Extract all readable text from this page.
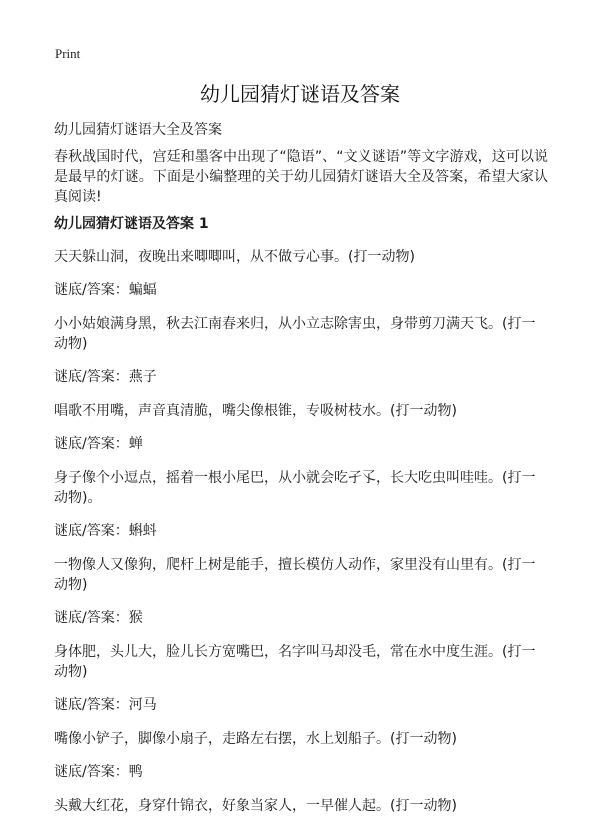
Print
幼儿园猜灯谜语及答案

幼儿园猜灯谜语大全及答案

春秋战国时代，宫廷和墨客中出现了“隐语”、“文义谜语”等文字游戏，这可以说是最早的灯谜。下面是小编整理的关于幼儿园猜灯谜语大全及答案，希望大家认真阅读!

幼儿园猜灯谜语及答案 1

天天躲山洞，夜晚出来唧唧叫，从不做亏心事。(打一动物)

谜底/答案：蝙蝠

小小姑娘满身黑，秋去江南春来归，从小立志除害虫，身带剪刀满天飞。(打一动物)

谜底/答案：燕子

唱歌不用嘴，声音真清脆，嘴尖像根锥，专吸树枝水。(打一动物)

谜底/答案：蝉

身子像个小逗点，摇着一根小尾巴，从小就会吃孑孓，长大吃虫叫哇哇。(打一动物)。

谜底/答案：蝌蚪

一物像人又像狗，爬杆上树是能手，擅长模仿人动作，家里没有山里有。(打一动物)

谜底/答案：猴

身体肥，头儿大，脸儿长方宽嘴巴，名字叫马却没毛，常在水中度生涯。(打一动物)

谜底/答案：河马

嘴像小铲子，脚像小扇子，走路左右摆，水上划船子。(打一动物)

谜底/答案：鸭

头戴大红花，身穿什锦衣，好象当家人，一早催人起。(打一动物)
